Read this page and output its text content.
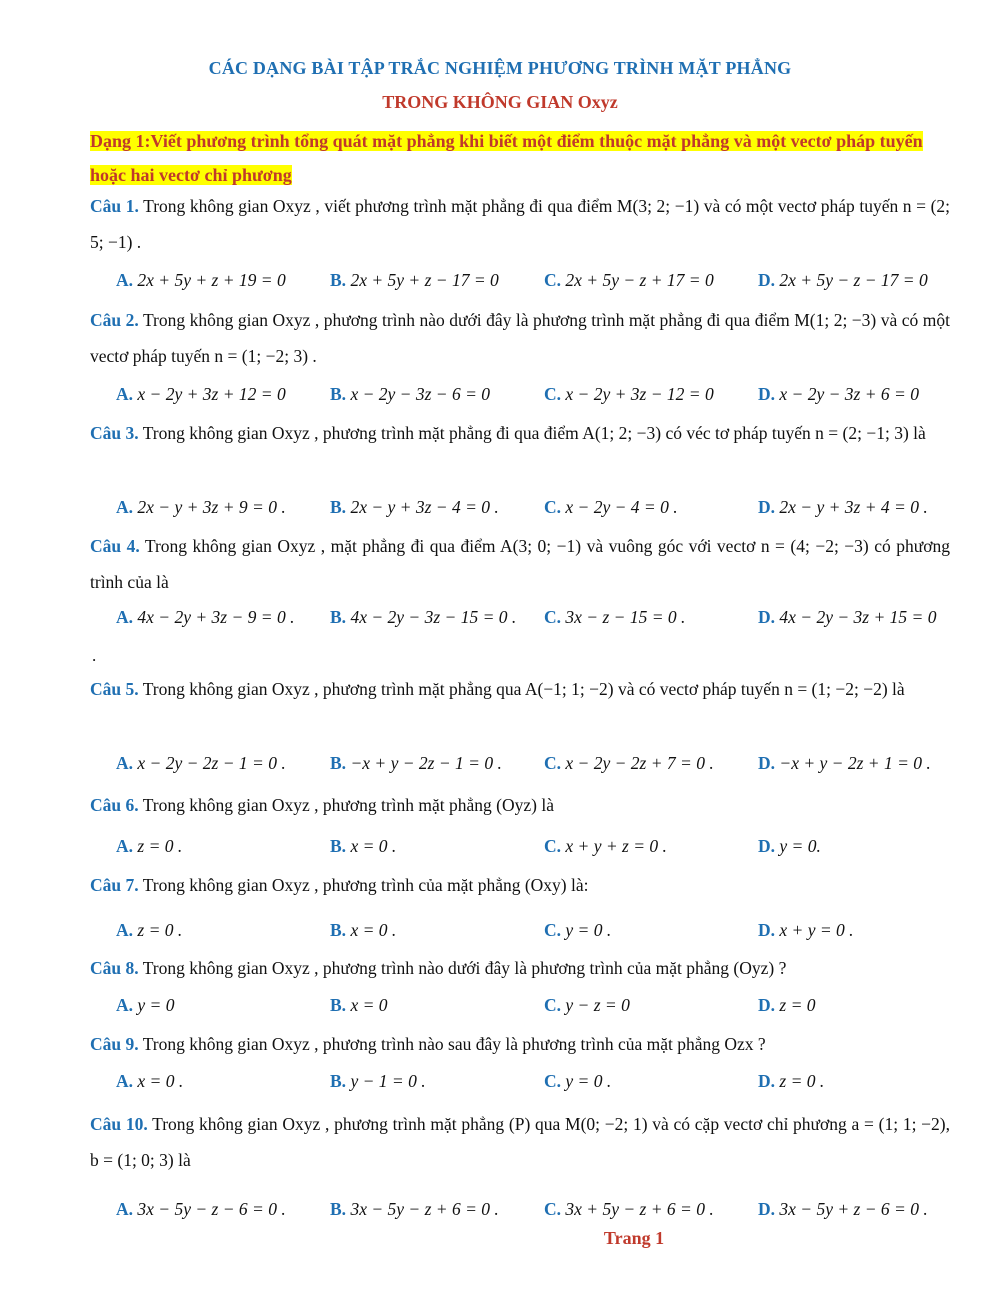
CÁC DẠNG BÀI TẬP TRẮC NGHIỆM PHƯƠNG TRÌNH MẶT PHẲNG
TRONG KHÔNG GIAN Oxyz
Dạng 1:Viết phương trình tổng quát mặt phẳng khi biết một điểm thuộc mặt phẳng và một vectơ pháp tuyến hoặc hai vectơ chỉ phương
Câu 1. Trong không gian Oxyz , viết phương trình mặt phẳng đi qua điểm M(3; 2; −1) và có một vectơ pháp tuyến n = (2; 5; −1) .
A. 2x + 5y + z + 19 = 0	B. 2x + 5y + z − 17 = 0	C. 2x + 5y − z + 17 = 0	D. 2x + 5y − z − 17 = 0
Câu 2. Trong không gian Oxyz , phương trình nào dưới đây là phương trình mặt phẳng đi qua điểm M(1; 2; −3) và có một vectơ pháp tuyến n = (1; −2; 3) .
A. x − 2y + 3z + 12 = 0	B. x − 2y − 3z − 6 = 0	C. x − 2y + 3z − 12 = 0	D. x − 2y − 3z + 6 = 0
Câu 3. Trong không gian Oxyz , phương trình mặt phẳng đi qua điểm A(1; 2; −3) có véc tơ pháp tuyến n = (2; −1; 3) là
A. 2x − y + 3z + 9 = 0 .	B. 2x − y + 3z − 4 = 0 .	C. x − 2y − 4 = 0 .	D. 2x − y + 3z + 4 = 0 .
Câu 4. Trong không gian Oxyz , mặt phẳng đi qua điểm A(3; 0; −1) và vuông góc với vectơ n = (4; −2; −3) có phương trình của là
A. 4x − 2y + 3z − 9 = 0 . B. 4x − 2y − 3z − 15 = 0 . C. 3x − z − 15 = 0 .	D. 4x − 2y − 3z + 15 = 0
.
Câu 5. Trong không gian Oxyz , phương trình mặt phẳng qua A(−1; 1; −2) và có vectơ pháp tuyến n = (1; −2; −2) là
A. x − 2y − 2z − 1 = 0 .	B. −x + y − 2z − 1 = 0 . C. x − 2y − 2z + 7 = 0 .	D. −x + y − 2z + 1 = 0 .
Câu 6. Trong không gian Oxyz , phương trình mặt phẳng (Oyz) là
A. z = 0 .	B. x = 0 .	C. x + y + z = 0 .	D. y = 0.
Câu 7. Trong không gian Oxyz , phương trình của mặt phẳng (Oxy) là:
A. z = 0 .	B. x = 0 .	C. y = 0 .	D. x + y = 0 .
Câu 8. Trong không gian Oxyz , phương trình nào dưới đây là phương trình của mặt phẳng (Oyz) ?
A. y = 0	B. x = 0	C. y − z = 0	D. z = 0
Câu 9. Trong không gian Oxyz , phương trình nào sau đây là phương trình của mặt phẳng Ozx ?
A. x = 0 .	B. y − 1 = 0 .	C. y = 0 .	D. z = 0 .
Câu 10. Trong không gian Oxyz , phương trình mặt phẳng (P) qua M(0; −2; 1) và có cặp vectơ chỉ phương a = (1; 1; −2), b = (1; 0; 3) là
A. 3x − 5y − z − 6 = 0 .	B. 3x − 5y − z + 6 = 0 .	C. 3x + 5y − z + 6 = 0 .	D. 3x − 5y + z − 6 = 0 .
Trang 1
